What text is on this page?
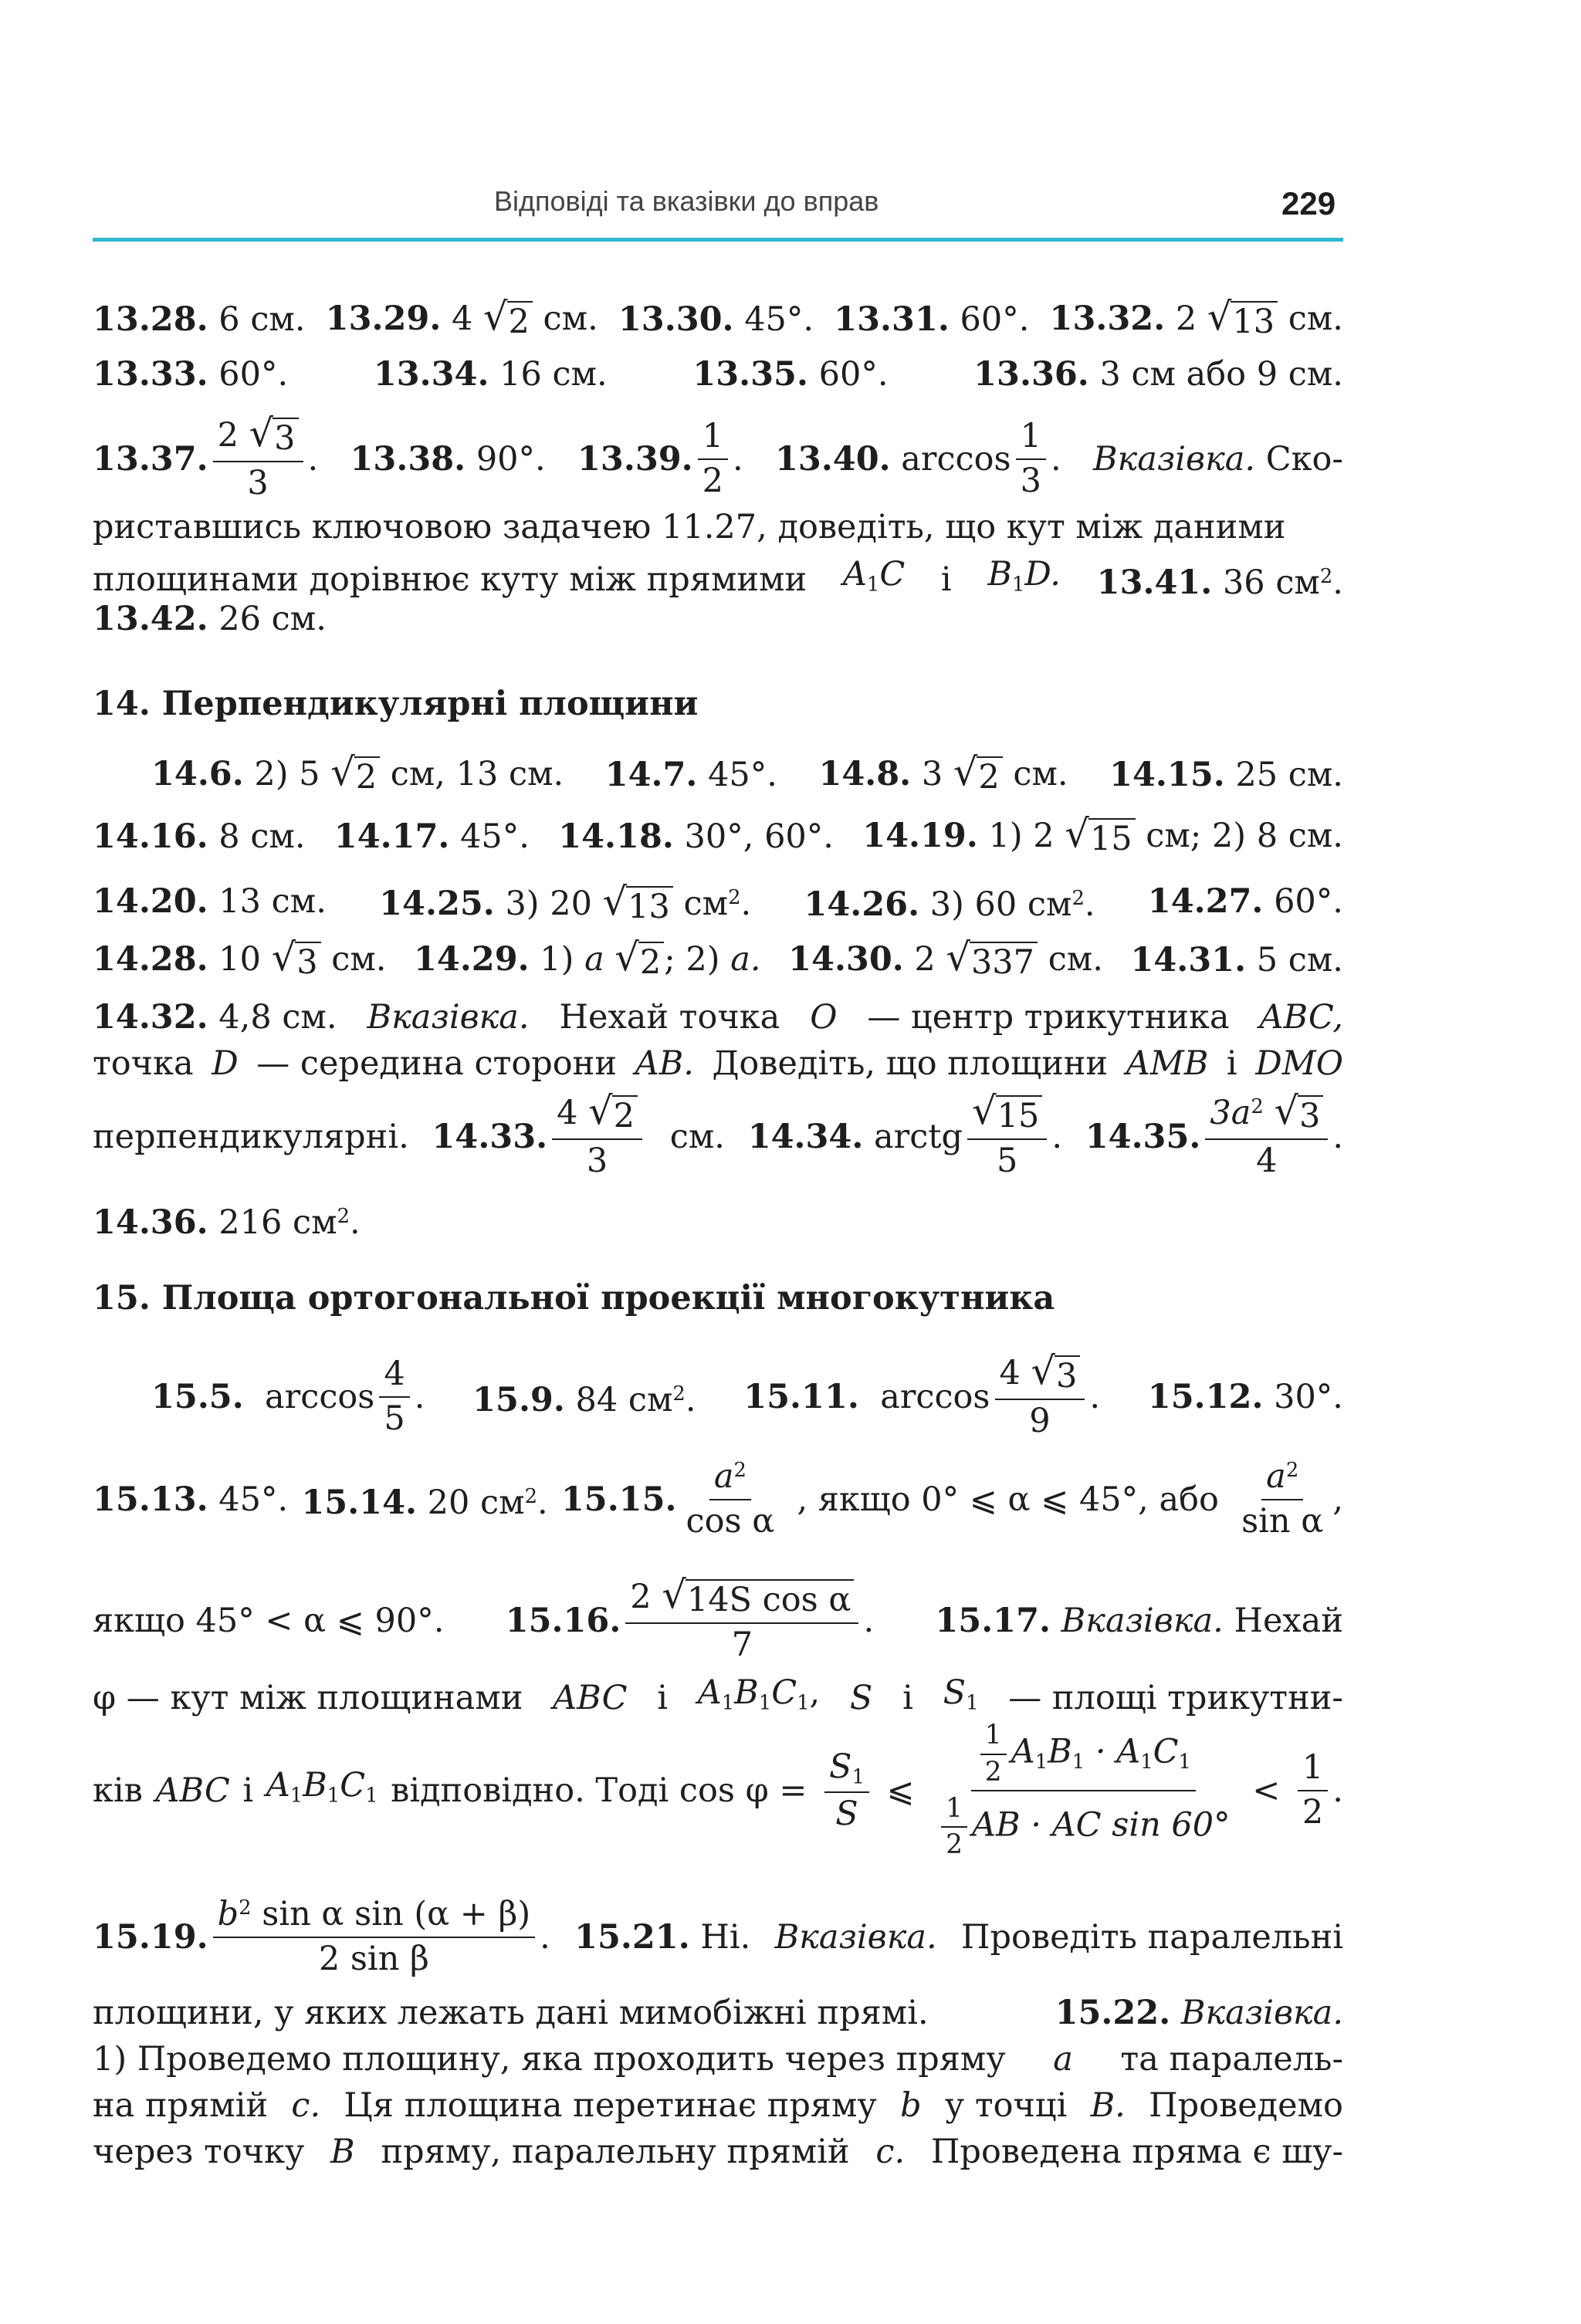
Відповіді та вказівки до вправ	229
13.28. 6 см. 13.29. 4 √ 2 см. 13.30. 45°. 13.31. 60°. 13.32. 2 √ 13 см.
13.33. 60°.	13.34. 16 см.	13.35. 60°.	13.36. 3 см або 9 см.
13.37. $\frac{2 √ 3}{3}$ . 13.38. 90°. 13.39. $\frac{1}{2}$ . 13.40.
$\arccos \frac{1}{3}$ . Вказівка. Ско-
риставшись ключовою задачею 11.27, доведіть, що кут між даними
площинами дорівнює куту між прямими $A_1C$ і $B_1D$. 13.41. 36 $см^2$.
13.42. 26 см.
14. Перпендикулярні площини
14.6. 2) 5 √ 2 см, 13 см. 14.7. 45°. 14.8. 3 √ 2 см. 14.15. 25 см.
14.16. 8 см. 14.17. 45°. 14.18. 30°, 60°. 14.19. 1) 2 √ 15 см; 2) 8 см.
14.20. 13 см. 14.25. 3) 20 √ 13 $см^2$. 14.26. 3) 60 $см^2$. 14.27. 60°.
14.28. 10 √ 3 см. 14.29. 1) a √ 2 ; 2) a. 14.30. 2 √ 337 см. 14.31. 5 см.
14.32. 4,8 см. Вказівка. Нехай точка O — центр трикутника ABC,
точка D — середина сторони AB. Доведіть, що площини AMB і DMO
перпендикулярні. 14.33. $\frac{4 √ 2}{3}$ см. 14.34.
arctg $\frac{√ 15}{5}$ . 14.35. $\frac{3a^2 √ 3}{4}$ .
14.36. 216 $см^2$.
15. Площа ортогональної проекції многокутника
15.5.
$\arccos \frac{4}{5}$ . 15.9. 84 $см^2$. 15.11.
$\arccos \frac{4 √ 3}{9}$ . 15.12. 30°.
15.13. 45°. 15.14. 20 $см^2$. 15.15. $\frac{a^2}{\text{cos α}}$ , якщо 0° ⩽ α ⩽ 45°, або $\frac{a^2}{\text{sin α}}$ ,
якщо 45° < α ⩽ 90°. 15.16. $\frac{\text{2 √ 14S cos α}}{7}$ . 15.17. Вказівка. Нехай
φ — кут між площинами ABC і $A_1B_1C_1$, S і $S_1$ — площі трикутни-
ків ABC і $A_1B_1C_1$ відповідно. Тоді $\cos \varphi = \frac{S_1}{S}$ ⩽ $\frac{\frac{1}{2} A_1B_1 \cdot A_1C_1}{\frac{1}{2} AB \cdot AC \sin 60^\circ} < \frac{1}{2}$ .
15.19. $\frac{b^2 \sin \alpha \sin (\alpha + \beta)}{\text{2 sin β}}$ . 15.21. Ні. Вказівка. Проведіть паралельні
площини, у яких лежать дані мимобіжні прямі.	15.22. Вказівка.
1) Проведемо площину, яка проходить через пряму a та паралель-
на прямій c. Ця площина перетинає пряму b у точці B. Проведемо
через точку B пряму, паралельну прямій c. Проведена пряма є шу-
